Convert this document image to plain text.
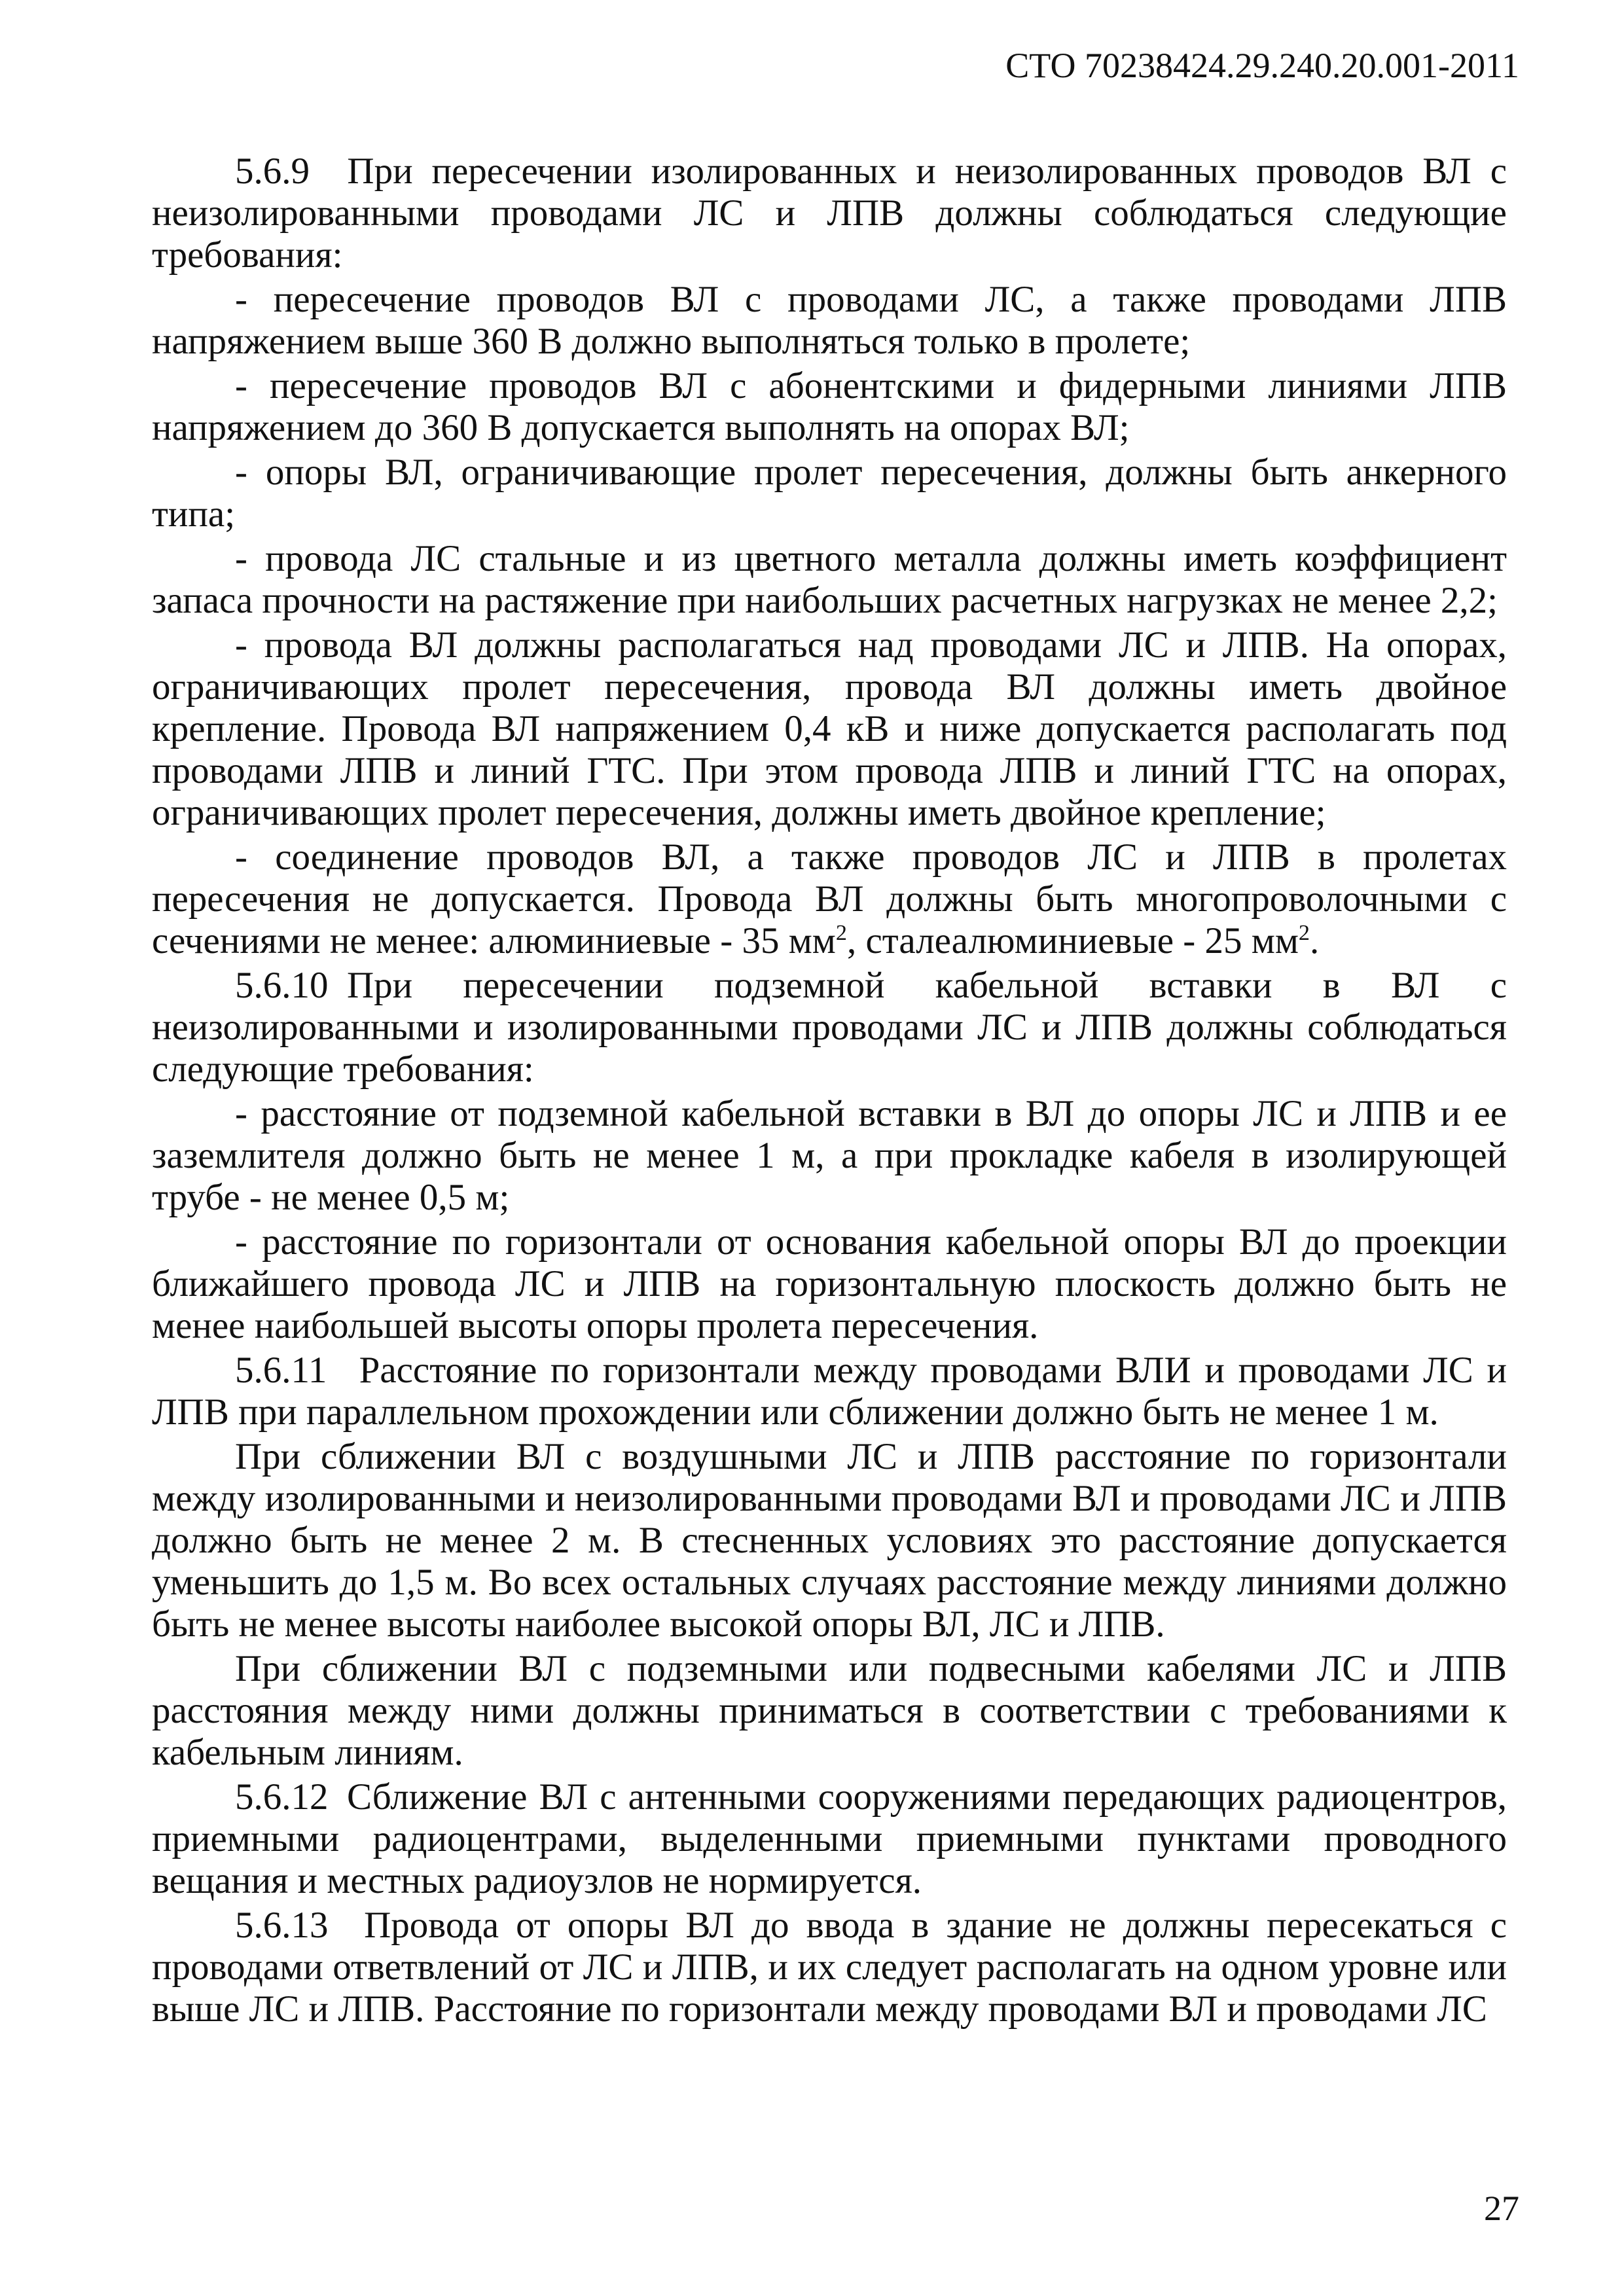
СТО 70238424.29.240.20.001-2011

5.6.9  При пересечении изолированных и неизолированных проводов ВЛ с неизолированными проводами ЛС и ЛПВ должны соблюдаться следующие требования:

- пересечение проводов ВЛ с проводами ЛС, а также проводами ЛПВ напряжением выше 360 В должно выполняться только в пролете;

- пересечение проводов ВЛ с абонентскими и фидерными линиями ЛПВ напряжением до 360 В допускается выполнять на опорах ВЛ;

- опоры ВЛ, ограничивающие пролет пересечения, должны быть анкерного типа;

- провода ЛС стальные и из цветного металла должны иметь коэффициент запаса прочности на растяжение при наибольших расчетных нагрузках не менее 2,2;

- провода ВЛ должны располагаться над проводами ЛС и ЛПВ. На опорах, ограничивающих пролет пересечения, провода ВЛ должны иметь двойное крепление. Провода ВЛ напряжением 0,4 кВ и ниже допускается располагать под проводами ЛПВ и линий ГТС. При этом провода ЛПВ и линий ГТС на опорах, ограничивающих пролет пересечения, должны иметь двойное крепление;

- соединение проводов ВЛ, а также проводов ЛС и ЛПВ в пролетах пересечения не допускается. Провода ВЛ должны быть многопроволочными с сечениями не менее: алюминиевые - 35 $мм^2$, сталеалюминиевые - 25 $мм^2$.

5.6.10 При пересечении подземной кабельной вставки в ВЛ с неизолированными и изолированными проводами ЛС и ЛПВ должны соблюдаться следующие требования:

- расстояние от подземной кабельной вставки в ВЛ до опоры ЛС и ЛПВ и ее заземлителя должно быть не менее 1 м, а при прокладке кабеля в изолирующей трубе - не менее 0,5 м;

- расстояние по горизонтали от основания кабельной опоры ВЛ до проекции ближайшего провода ЛС и ЛПВ на горизонтальную плоскость должно быть не менее наибольшей высоты опоры пролета пересечения.

5.6.11  Расстояние по горизонтали между проводами ВЛИ и проводами ЛС и ЛПВ при параллельном прохождении или сближении должно быть не менее 1 м.

При сближении ВЛ с воздушными ЛС и ЛПВ расстояние по горизонтали между изолированными и неизолированными проводами ВЛ и проводами ЛС и ЛПВ должно быть не менее 2 м. В стесненных условиях это расстояние допускается уменьшить до 1,5 м. Во всех остальных случаях расстояние между линиями должно быть не менее высоты наиболее высокой опоры ВЛ, ЛС и ЛПВ.

При сближении ВЛ с подземными или подвесными кабелями ЛС и ЛПВ расстояния между ними должны приниматься в соответствии с требованиями к кабельным линиям.

5.6.12 Сближение ВЛ с антенными сооружениями передающих радиоцентров, приемными радиоцентрами, выделенными приемными пунктами проводного вещания и местных радиоузлов не нормируется.

5.6.13  Провода от опоры ВЛ до ввода в здание не должны пересекаться с проводами ответвлений от ЛС и ЛПВ, и их следует располагать на одном уровне или выше ЛС и ЛПВ. Расстояние по горизонтали между проводами ВЛ и проводами ЛС

27
